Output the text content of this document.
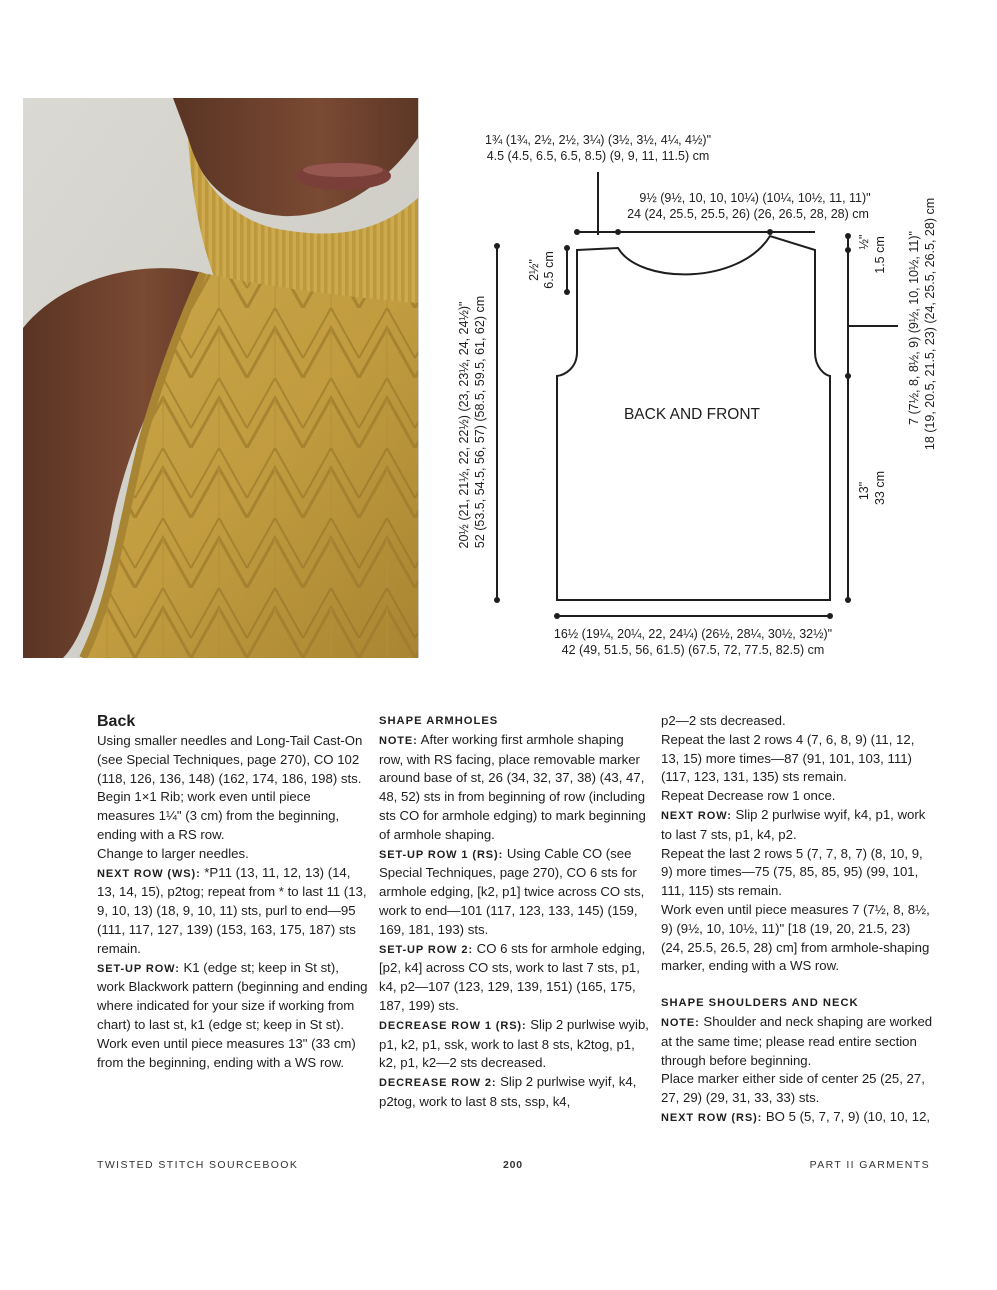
1¾ (1¾, 2½, 2½, 3¼) (3½, 3½, 4¼, 4½)"
4.5 (4.5, 6.5, 6.5, 8.5) (9, 9, 11, 11.5) cm
9½ (9½, 10, 10, 10¼) (10¼, 10½, 11, 11)"
24 (24, 25.5, 25.5, 26) (26, 26.5, 28, 28) cm
2½" 6.5 cm
20½ (21, 21½, 22, 22½) (23, 23½, 24, 24½)" 52 (53.5, 54.5, 56, 57) (58.5, 59.5, 61, 62) cm
½" 1.5 cm 7 (7½, 8, 8½, 9) (9½, 10, 10½, 11)" 18 (19, 20.5, 21.5, 23) (24, 25.5, 26.5, 28) cm
13" 33 cm
16½ (19¼, 20¼, 22, 24¼) (26½, 28¼, 30½, 32½)"
42 (49, 51.5, 56, 61.5) (67.5, 72, 77.5, 82.5) cm
BACK AND FRONT

Back

Using smaller needles and Long-Tail Cast-On (see Special Techniques, page 270), CO 102 (118, 126, 136, 148) (162, 174, 186, 198) sts.

Begin 1×1 Rib; work even until piece measures 1¼" (3 cm) from the beginning, ending with a RS row.

Change to larger needles.

NEXT ROW (WS): *P11 (13, 11, 12, 13) (14, 13, 14, 15), p2tog; repeat from * to last 11 (13, 9, 10, 13) (18, 9, 10, 11) sts, purl to end—95 (111, 117, 127, 139) (153, 163, 175, 187) sts remain.

SET-UP ROW: K1 (edge st; keep in St st), work Blackwork pattern (beginning and ending where indicated for your size if working from chart) to last st, k1 (edge st; keep in St st).

Work even until piece measures 13" (33 cm) from the beginning, ending with a WS row.

SHAPE ARMHOLES

NOTE: After working first armhole shaping row, with RS facing, place removable marker around base of st, 26 (34, 32, 37, 38) (43, 47, 48, 52) sts in from beginning of row (including sts CO for armhole edging) to mark beginning of armhole shaping.

SET-UP ROW 1 (RS): Using Cable CO (see Special Techniques, page 270), CO 6 sts for armhole edging, [k2, p1] twice across CO sts, work to end—101 (117, 123, 133, 145) (159, 169, 181, 193) sts.

SET-UP ROW 2: CO 6 sts for armhole edging, [p2, k4] across CO sts, work to last 7 sts, p1, k4, p2—107 (123, 129, 139, 151) (165, 175, 187, 199) sts.

DECREASE ROW 1 (RS): Slip 2 purlwise wyib, p1, k2, p1, ssk, work to last 8 sts, k2tog, p1, k2, p1, k2—2 sts decreased.

DECREASE ROW 2: Slip 2 purlwise wyif, k4, p2tog, work to last 8 sts, ssp, k4,

p2—2 sts decreased.

Repeat the last 2 rows 4 (7, 6, 8, 9) (11, 12, 13, 15) more times—87 (91, 101, 103, 111) (117, 123, 131, 135) sts remain.

Repeat Decrease row 1 once.

NEXT ROW: Slip 2 purlwise wyif, k4, p1, work to last 7 sts, p1, k4, p2.

Repeat the last 2 rows 5 (7, 7, 8, 7) (8, 10, 9, 9) more times—75 (75, 85, 85, 95) (99, 101, 111, 115) sts remain.

Work even until piece measures 7 (7½, 8, 8½, 9) (9½, 10, 10½, 11)" [18 (19, 20, 21.5, 23) (24, 25.5, 26.5, 28) cm] from armhole-shaping marker, ending with a WS row.

SHAPE SHOULDERS AND NECK

NOTE: Shoulder and neck shaping are worked at the same time; please read entire section through before beginning.

Place marker either side of center 25 (25, 27, 27, 29) (29, 31, 33, 33) sts.

NEXT ROW (RS): BO 5 (5, 7, 7, 9) (10, 10, 12,

TWISTED STITCH SOURCEBOOK	200	PART II GARMENTS
